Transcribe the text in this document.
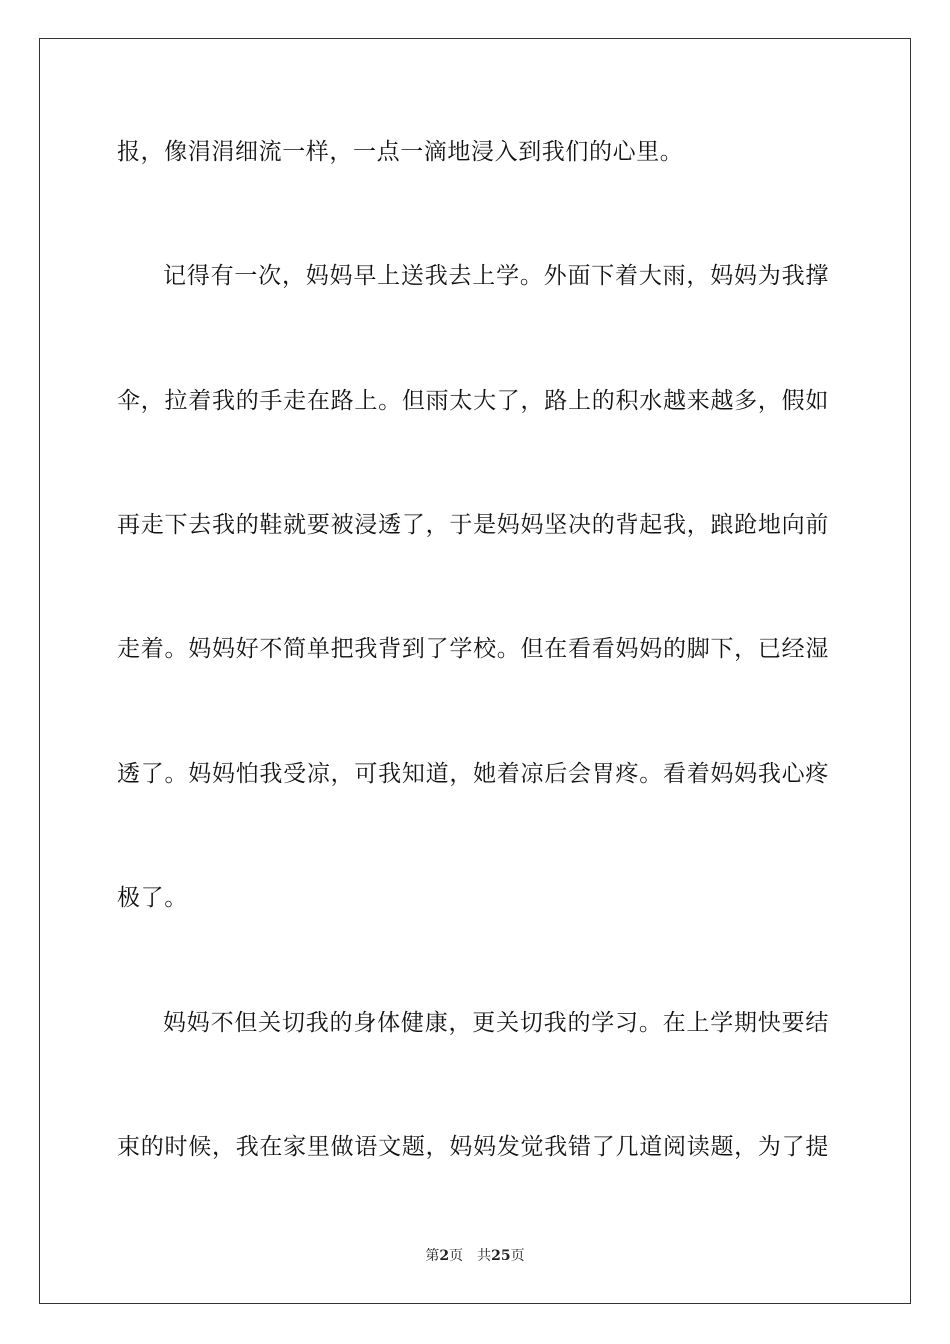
报，像涓涓细流一样，一点一滴地浸入到我们的心里。
记得有一次，妈妈早上送我去上学。外面下着大雨，妈妈为我撑
伞，拉着我的手走在路上。但雨太大了，路上的积水越来越多，假如
再走下去我的鞋就要被浸透了，于是妈妈坚决的背起我，踉跄地向前
走着。妈妈好不简单把我背到了学校。但在看看妈妈的脚下，已经湿
透了。妈妈怕我受凉，可我知道，她着凉后会胃疼。看着妈妈我心疼
极了。
妈妈不但关切我的身体健康，更关切我的学习。在上学期快要结
束的时候，我在家里做语文题，妈妈发觉我错了几道阅读题，为了提
第2页 共25页
